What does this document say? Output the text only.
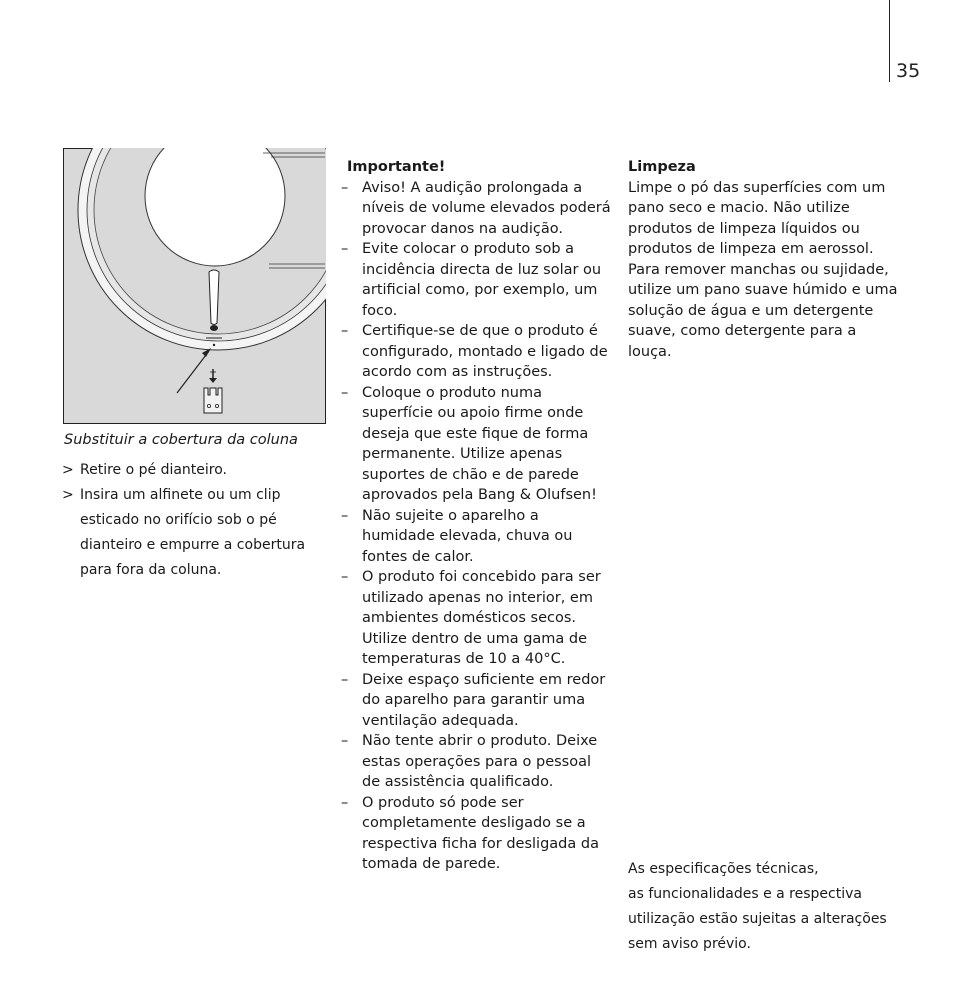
35
Substituir a cobertura da coluna
> Retire o pé dianteiro.
> Insira um alfinete ou um clip esticado no orifício sob o pé dianteiro e empurre a cobertura para fora da coluna.
Importante!
– Aviso! A audição prolongada a níveis de volume elevados poderá provocar danos na audição.
– Evite colocar o produto sob a incidência directa de luz solar ou artificial como, por exemplo, um foco.
– Certifique-se de que o produto é configurado, montado e ligado de acordo com as instruções.
– Coloque o produto numa superfície ou apoio firme onde deseja que este fique de forma permanente. Utilize apenas suportes de chão e de parede aprovados pela Bang & Olufsen!
– Não sujeite o aparelho a humidade elevada, chuva ou fontes de calor.
– O produto foi concebido para ser utilizado apenas no interior, em ambientes domésticos secos. Utilize dentro de uma gama de temperaturas de 10 a 40°C.
– Deixe espaço suficiente em redor do aparelho para garantir uma ventilação adequada.
– Não tente abrir o produto. Deixe estas operações para o pessoal de assistência qualificado.
– O produto só pode ser completamente desligado se a respectiva ficha for desligada da tomada de parede.
Limpeza

Limpe o pó das superfícies com um pano seco e macio. Não utilize produtos de limpeza líquidos ou produtos de limpeza em aerossol. Para remover manchas ou sujidade, utilize um pano suave húmido e uma solução de água e um detergente suave, como detergente para a louça.

As especificações técnicas,
as funcionalidades e a respectiva
utilização estão sujeitas a alterações
sem aviso prévio.
